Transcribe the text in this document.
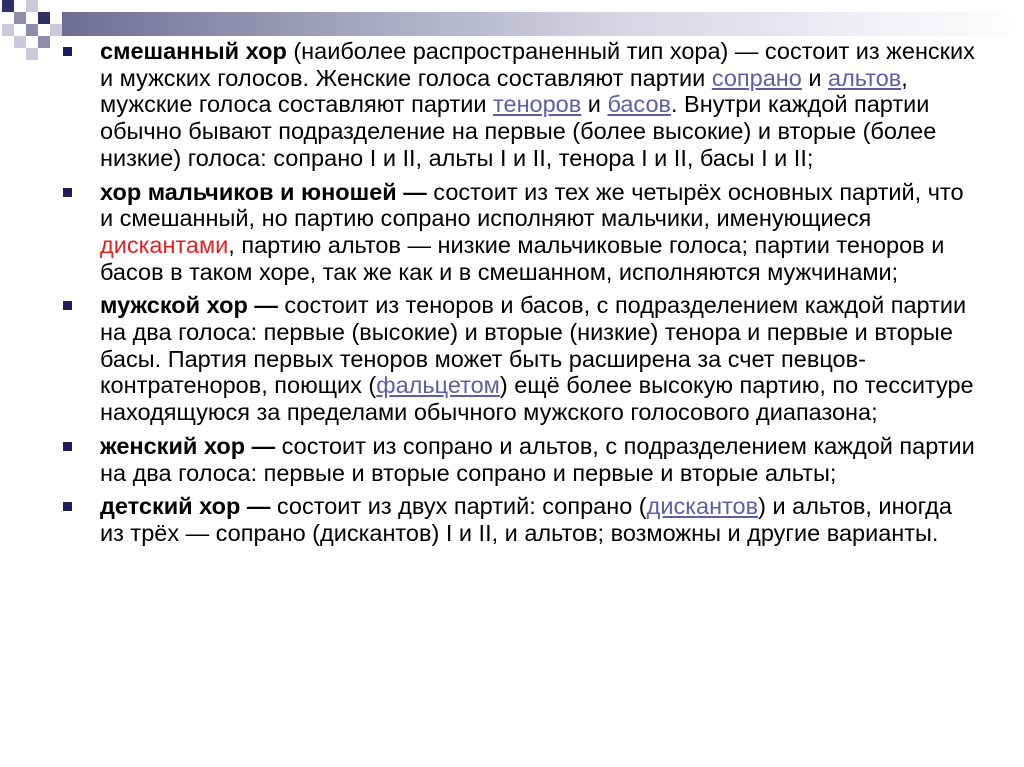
смешанный хор (наиболее распространенный тип хора) — состоит из женских и мужских голосов. Женские голоса составляют партии сопрано и альтов, мужские голоса составляют партии теноров и басов. Внутри каждой партии обычно бывают подразделение на первые (более высокие) и вторые (более низкие) голоса: сопрано I и II, альты I и II, тенора I и II, басы I и II;
хор мальчиков и юношей — состоит из тех же четырёх основных партий, что и смешанный, но партию сопрано исполняют мальчики, именующиеся дискантами, партию альтов — низкие мальчиковые голоса; партии теноров и басов в таком хоре, так же как и в смешанном, исполняются мужчинами;
мужской хор — состоит из теноров и басов, с подразделением каждой партии на два голоса: первые (высокие) и вторые (низкие) тенора и первые и вторые басы. Партия первых теноров может быть расширена за счет певцов-контратеноров, поющих (фальцетом) ещё более высокую партию, по тесситуре находящуюся за пределами обычного мужского голосового диапазона;
женский хор — состоит из сопрано и альтов, с подразделением каждой партии на два голоса: первые и вторые сопрано и первые и вторые альты;
детский хор — состоит из двух партий: сопрано (дискантов) и альтов, иногда из трёх — сопрано (дискантов) I и II, и альтов; возможны и другие варианты.
